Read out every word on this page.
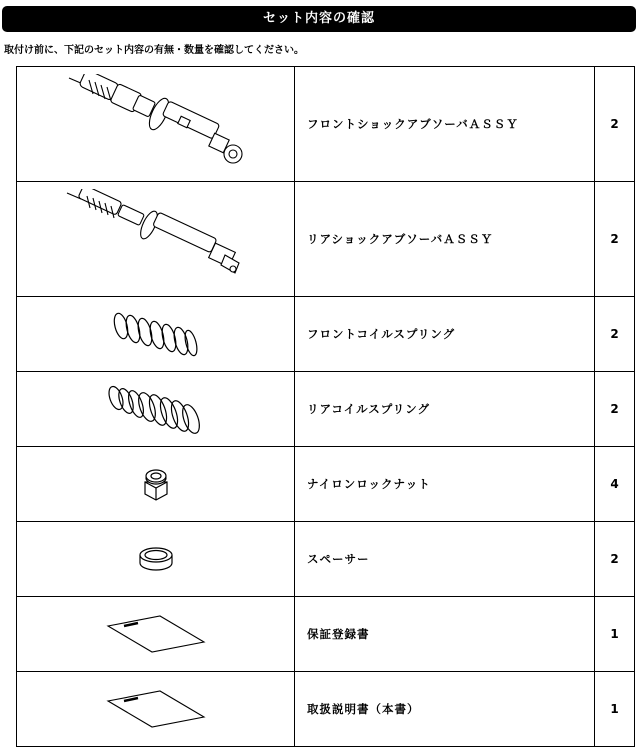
セット内容の確認
取付け前に、下記のセット内容の有無・数量を確認してください。
	フロントショックアブソーバＡＳＳＹ	2

	リアショックアブソーバＡＳＳＹ	2

	フロントコイルスプリング	2

	リアコイルスプリング	2

	ナイロンロックナット	4

	スペーサー	2

	保証登録書	1

	取扱説明書（本書）	1
